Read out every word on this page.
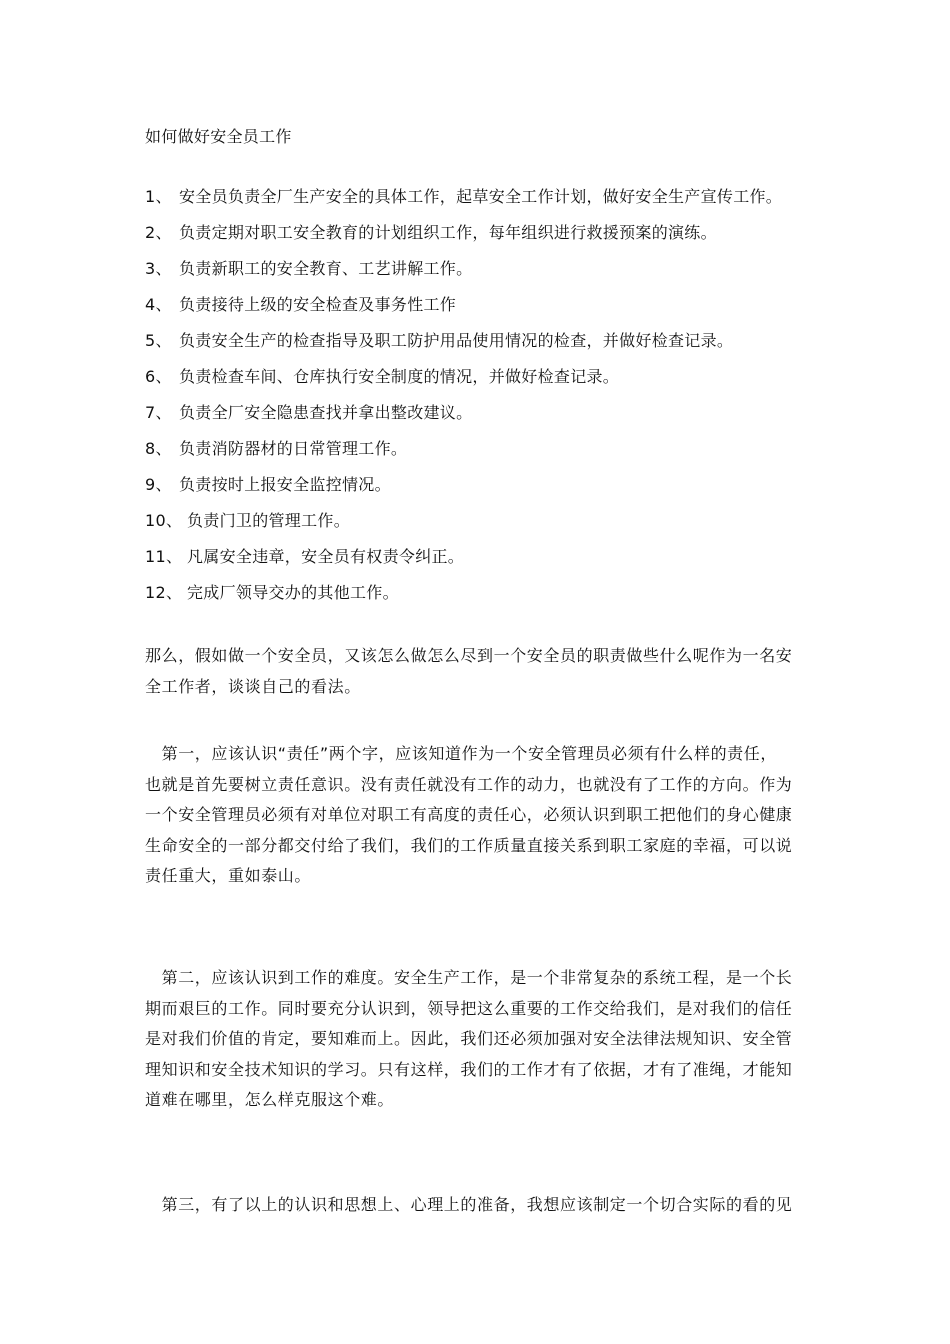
如何做好安全员工作
1、 安全员负责全厂生产安全的具体工作，起草安全工作计划，做好安全生产宣传工作。
2、 负责定期对职工安全教育的计划组织工作，每年组织进行救援预案的演练。
3、 负责新职工的安全教育、工艺讲解工作。
4、 负责接待上级的安全检查及事务性工作
5、 负责安全生产的检查指导及职工防护用品使用情况的检查，并做好检查记录。
6、 负责检查车间、仓库执行安全制度的情况，并做好检查记录。
7、 负责全厂安全隐患查找并拿出整改建议。
8、 负责消防器材的日常管理工作。
9、 负责按时上报安全监控情况。
10、 负责门卫的管理工作。
11、 凡属安全违章，安全员有权责令纠正。
12、 完成厂领导交办的其他工作。
那么，假如做一个安全员，又该怎么做怎么尽到一个安全员的职责做些什么呢作为一名安
全工作者，谈谈自己的看法。
　第一，应该认识“责任”两个字，应该知道作为一个安全管理员必须有什么样的责任，
也就是首先要树立责任意识。没有责任就没有工作的动力，也就没有了工作的方向。作为
一个安全管理员必须有对单位对职工有高度的责任心，必须认识到职工把他们的身心健康
生命安全的一部分都交付给了我们，我们的工作质量直接关系到职工家庭的幸福，可以说
责任重大，重如泰山。
　第二，应该认识到工作的难度。安全生产工作，是一个非常复杂的系统工程，是一个长
期而艰巨的工作。同时要充分认识到，领导把这么重要的工作交给我们，是对我们的信任
是对我们价值的肯定，要知难而上。因此，我们还必须加强对安全法律法规知识、安全管
理知识和安全技术知识的学习。只有这样，我们的工作才有了依据，才有了准绳，才能知
道难在哪里，怎么样克服这个难。
　第三，有了以上的认识和思想上、心理上的准备，我想应该制定一个切合实际的看的见
